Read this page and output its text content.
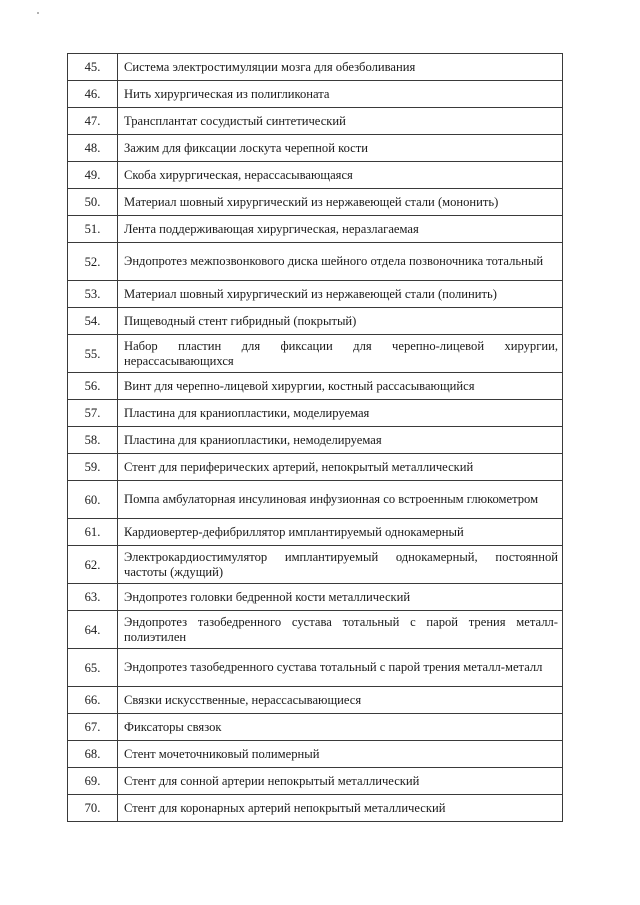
45.	Система электростимуляции мозга для обезболивания
46.	Нить хирургическая из полигликоната
47.	Трансплантат сосудистый синтетический
48.	Зажим для фиксации лоскута черепной кости
49.	Скоба хирургическая, нерассасывающаяся
50.	Материал шовный хирургический из нержавеющей стали (мононить)
51.	Лента поддерживающая хирургическая, неразлагаемая
52.	Эндопротез межпозвонкового диска шейного отдела позвоночника тотальный
53.	Материал шовный хирургический из нержавеющей стали (полинить)
54.	Пищеводный стент гибридный (покрытый)
55.	Набор пластин для фиксации для черепно-лицевой хирургии, нерассасывающихся
56.	Винт для черепно-лицевой хирургии, костный рассасывающийся
57.	Пластина для краниопластики, моделируемая
58.	Пластина для краниопластики, немоделируемая
59.	Стент для периферических артерий, непокрытый металлический
60.	Помпа амбулаторная инсулиновая инфузионная со встроенным глюкометром
61.	Кардиовертер-дефибриллятор имплантируемый однокамерный
62.	Электрокардиостимулятор имплантируемый однокамерный, постоянной частоты (ждущий)
63.	Эндопротез головки бедренной кости металлический
64.	Эндопротез тазобедренного сустава тотальный с парой трения металл-полиэтилен
65.	Эндопротез тазобедренного сустава тотальный с парой трения металл-металл
66.	Связки искусственные, нерассасывающиеся
67.	Фиксаторы связок
68.	Стент мочеточниковый полимерный
69.	Стент для сонной артерии непокрытый металлический
70.	Стент для коронарных артерий непокрытый металлический
